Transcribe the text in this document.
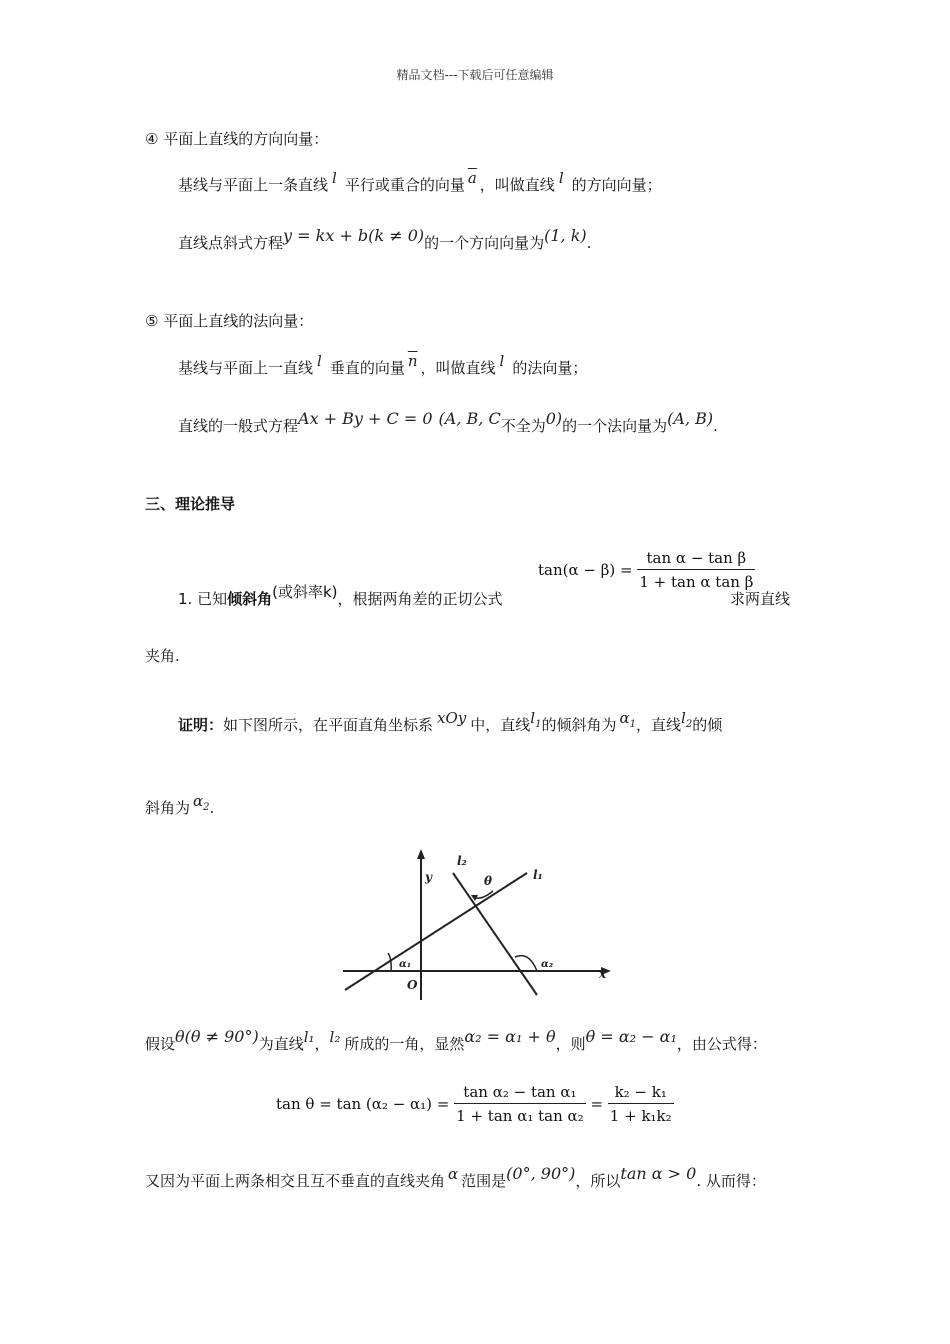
精品文档---下载后可任意编辑
④ 平面上直线的方向向量：
基线与平面上一条直线 l 平行或重合的向量 $\overline{a}$ ，叫做直线 l 的方向向量；
直线点斜式方程y = kx + b(k ≠ 0)的一个方向向量为(1, k).
⑤ 平面上直线的法向量：
基线与平面上一直线 l 垂直的向量 $\overline{n}$ ，叫做直线 l 的法向量；
直线的一般式方程Ax + By + C = 0 (A, B, C不全为0)的一个法向量为(A, B).
三、理论推导
1. 已知倾斜角(或斜率k)，根据两角差的正切公式
$\tan(\alpha - \beta) = \frac{\text{tan α − tan β}}{\text{1 + tan α tan β}}$
求两直线
夹角.
证明：如下图所示，在平面直角坐标系 xOy 中，直线$l_1$的倾斜角为 $\alpha_1$，直线$l_2$的倾
斜角为 $\alpha_2$.
y
x
O
l₁
l₂
θ
α₁	α₂
假设θ(θ ≠ 90°)为直线l₁，l₂ 所成的一角，显然α₂ = α₁ + θ，则θ = α₂ − α₁，由公式得：
$\tan \theta = \tan (\alpha_2 - \alpha_1) = \frac{\text{tan α₂ − tan α₁}}{\text{1 + tan α₁ tan α₂}} = \frac{\text{k₂ − k₁}}{\text{1 + k₁k₂}}$
又因为平面上两条相交且互不垂直的直线夹角 α 范围是(0°, 90°)，所以tan α > 0. 从而得：
